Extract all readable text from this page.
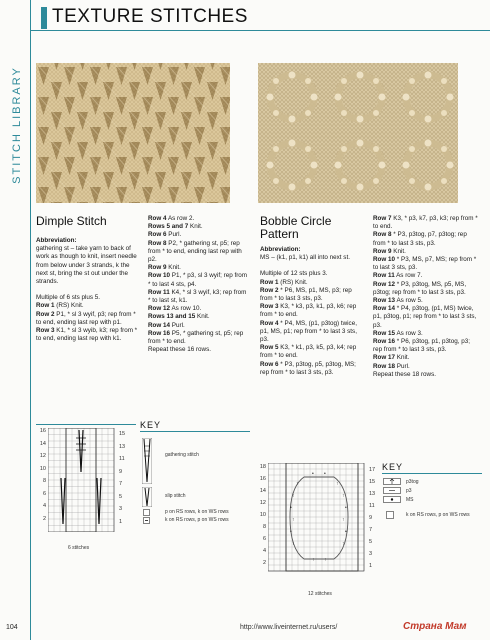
STITCH LIBRARY
TEXTURE STITCHES
Dimple Stitch

Abbreviation:

gathering st – take yarn to back of work as though to knit, insert needle from below under 3 strands, k the next st, bring the st out under the strands.

Multiple of 6 sts plus 5.

Row 1 (RS) Knit.

Row 2 P1, * sl 3 wyif, p3; rep from * to end, ending last rep with p1.

Row 3 K1, * sl 3 wyib, k3; rep from * to end, ending last rep with k1.

Row 4 As row 2.

Rows 5 and 7 Knit.

Row 6 Purl.

Row 8 P2, * gathering st, p5; rep from * to end, ending last rep with p2.

Row 9 Knit.

Row 10 P1, * p3, sl 3 wyif; rep from * to last 4 sts, p4.

Row 11 K4, * sl 3 wyif, k3; rep from * to last st, k1.

Row 12 As row 10.

Rows 13 and 15 Knit.

Row 14 Purl.

Row 16 P5, * gathering st, p5; rep from * to end.

Repeat these 16 rows.

Bobble Circle
Pattern

Abbreviation:

MS – (k1, p1, k1) all into next st.

Multiple of 12 sts plus 3.

Row 1 (RS) Knit.

Row 2 * P6, MS, p1, MS, p3; rep from * to last 3 sts, p3.

Row 3 K3, * k3, p3, k1, p3, k6; rep from * to end.

Row 4 * P4, MS, (p1, p3tog) twice, p1, MS, p1; rep from * to last 3 sts, p3.

Row 5 K3, * k1, p3, k5, p3, k4; rep from * to end.

Row 6 * P3, p3tog, p5, p3tog, MS; rep from * to last 3 sts, p3.

Row 7 K3, * p3, k7, p3, k3; rep from * to end.

Row 8 * P3, p3tog, p7, p3tog; rep from * to last 3 sts, p3.

Row 9 Knit.

Row 10 * P3, MS, p7, MS; rep from * to last 3 sts, p3.

Row 11 As row 7.

Row 12 * P3, p3tog, MS, p5, MS, p3tog; rep from * to last 3 sts, p3.

Row 13 As row 5.

Row 14 * P4, p3tog, (p1, MS) twice, p1, p3tog, p1; rep from * to last 3 sts, p3.

Row 15 As row 3.

Row 16 * P6, p3tog, p1, p3tog, p3; rep from * to last 3 sts, p3.

Row 17 Knit.

Row 18 Purl.

Repeat these 18 rows.

16
14
12
10
8
6
4
2
15
13
11
9
7
5
3
1
6 stitches
KEY
gathering stitch
slip stitch
p on RS rows, k on WS rows
k on RS rows, p on WS rows
18
16
14
12
10
8
6
4
2
↑	↑
↑	↑
•	•
↑	↑
•	•
↑	↑
↑ ↑
• •
17
15
13
11
9
7
5
3
1
12 stitches
KEY
p3tog
p3
MS
k on RS rows, p on WS rows
104	http://www.liveinternet.ru/users/	Страна Мам
